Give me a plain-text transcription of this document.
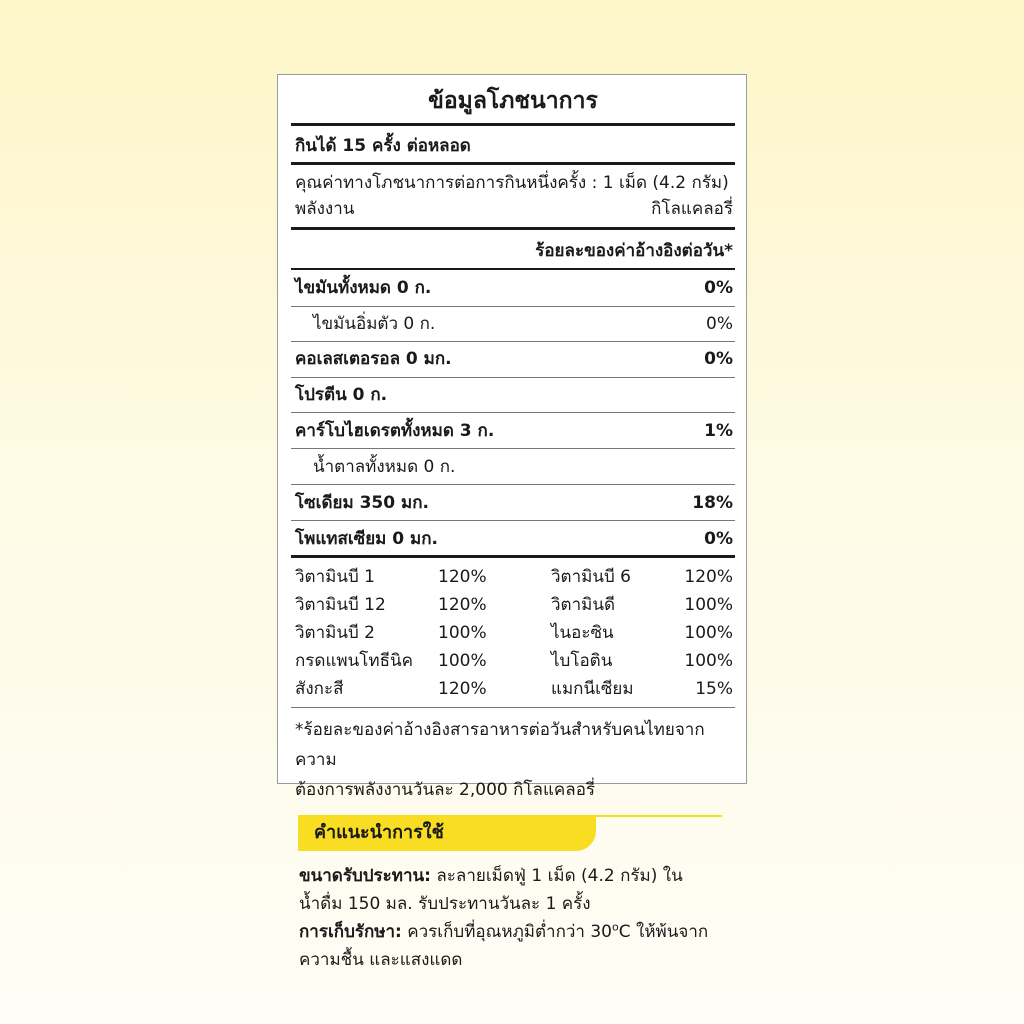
ข้อมูลโภชนาการ
กินได้ 15 ครั้ง ต่อหลอด
คุณค่าทางโภชนาการต่อการกินหนึ่งครั้ง : 1 เม็ด (4.2 กรัม)
พลังงาน	กิโลแคลอรี่
ร้อยละของค่าอ้างอิงต่อวัน*
ไขมันทั้งหมด 0 ก.	0%
ไขมันอิ่มตัว 0 ก.	0%
คอเลสเตอรอล 0 มก.	0%
โปรตีน 0 ก.
คาร์โบไฮเดรตทั้งหมด 3 ก.	1%
น้ำตาลทั้งหมด 0 ก.
โซเดียม 350 มก.	18%
โพแทสเซียม 0 มก.	0%
วิตามินบี 1	120%	วิตามินบี 6	120%
วิตามินบี 12	120%	วิตามินดี	100%
วิตามินบี 2	100%	ไนอะซิน	100%
กรดแพนโทธีนิค 100%	ไบโอติน	100%
สังกะสี	120%	แมกนีเซียม	15%
*ร้อยละของค่าอ้างอิงสารอาหารต่อวันสำหรับคนไทยจากความ
ต้องการพลังงานวันละ 2,000 กิโลแคลอรี่
คำแนะนำการใช้
ขนาดรับประทาน: ละลายเม็ดฟู่ 1 เม็ด (4.2 กรัม) ใน
น้ำดื่ม 150 มล. รับประทานวันละ 1 ครั้ง
การเก็บรักษา: ควรเก็บที่อุณหภูมิต่ำกว่า 30$^o$C ให้พ้นจาก
ความชื้น และแสงแดด
